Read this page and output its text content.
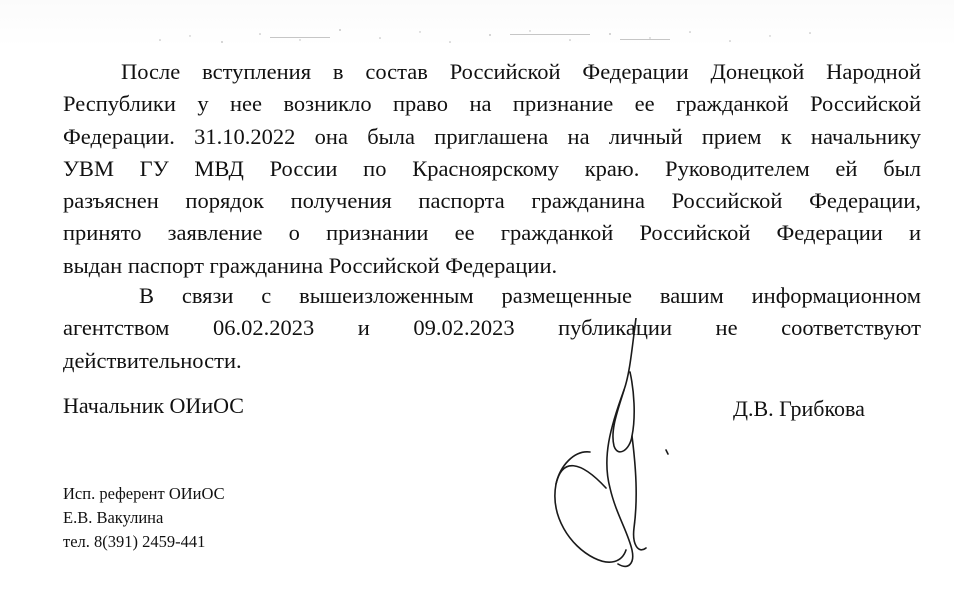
После вступления в состав Российской Федерации Донецкой Народной
Республики у нее возникло право на признание ее гражданкой Российской
Федерации. 31.10.2022 она была приглашена на личный прием к начальнику
УВМ ГУ МВД России по Красноярскому краю. Руководителем ей был
разъяснен порядок получения паспорта гражданина Российской Федерации,
принято заявление о признании ее гражданкой Российской Федерации и
выдан паспорт гражданина Российской Федерации.

В связи с вышеизложенным размещенные вашим информационном
агентством 06.02.2023 и 09.02.2023 публикации не соответствуют
действительности.

Начальник ОИиОС	Д.В. Грибкова

Исп. референт ОИиОС
Е.В. Вакулина
тел. 8(391) 2459-441
